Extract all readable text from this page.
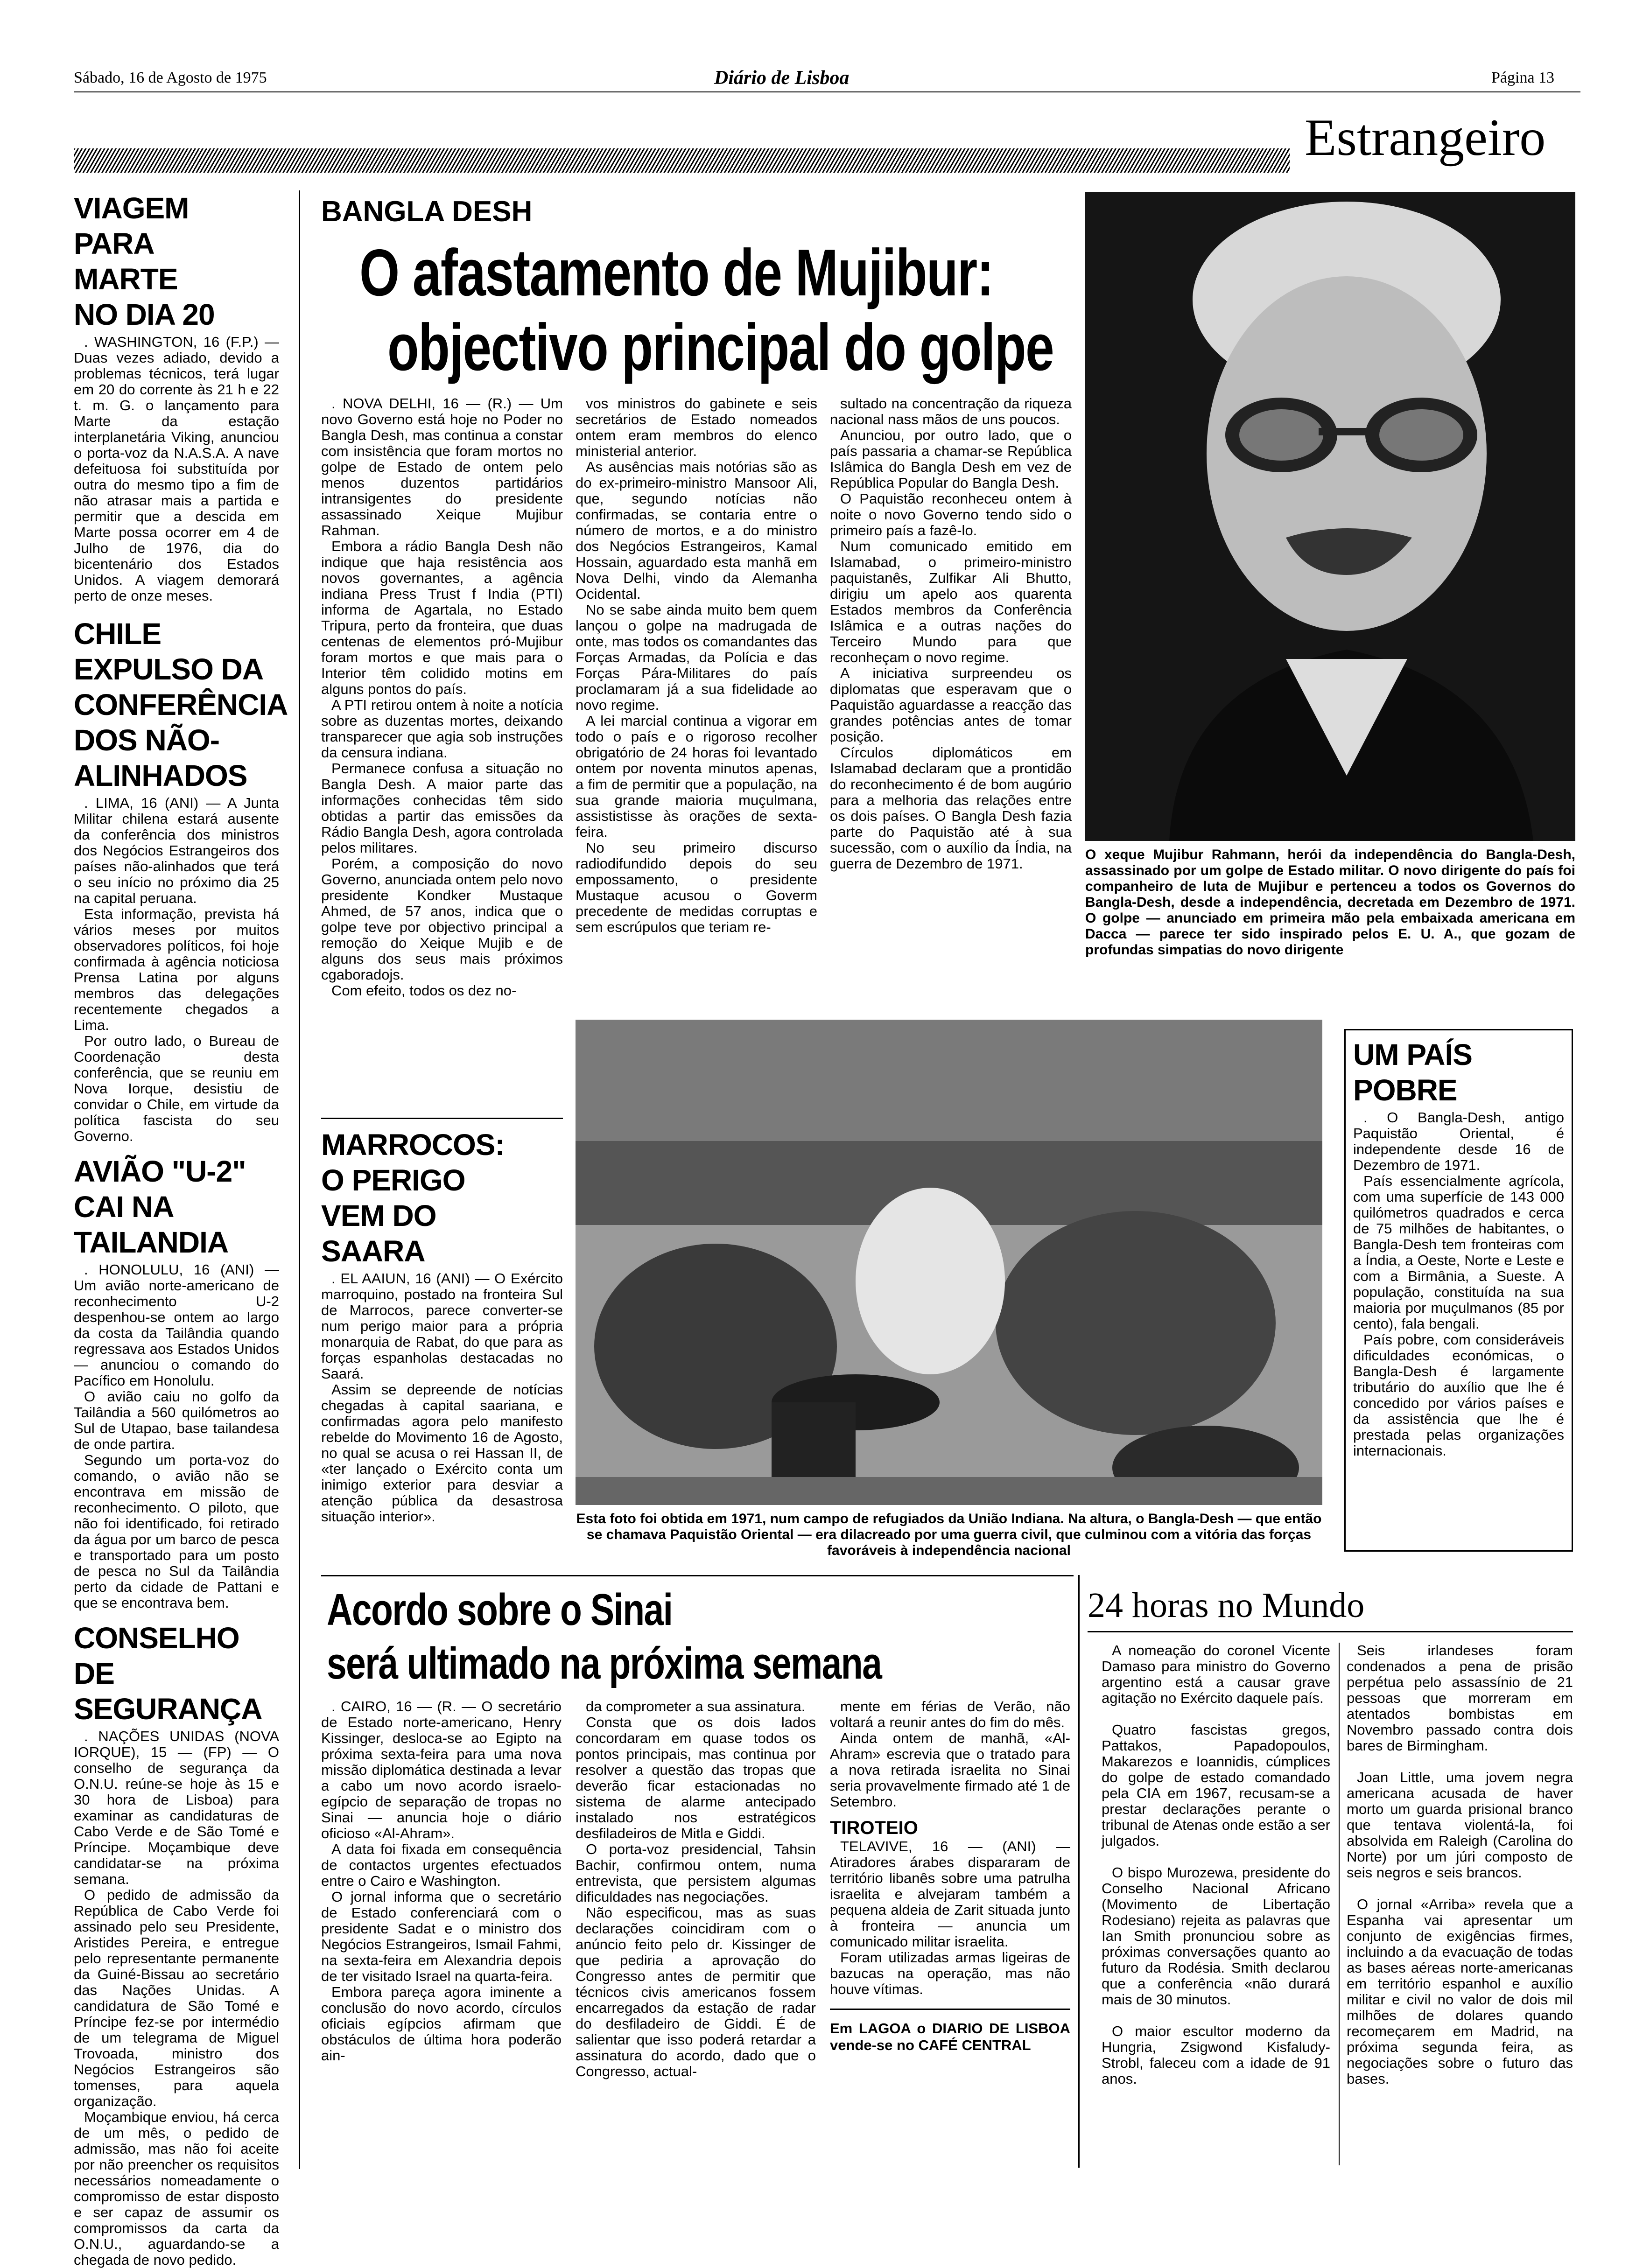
Sábado, 16 de Agosto de 1975	Diário de Lisboa	Página 13
Estrangeiro
VIAGEM PARA MARTE NO DIA 20

. WASHINGTON, 16 (F.P.) — Duas vezes adiado, devido a problemas técnicos, terá lugar em 20 do corrente às 21 h e 22 t. m. G. o lançamento para Marte da estação interplanetária Viking, anunciou o porta-voz da N.A.S.A. A nave defeituosa foi substituída por outra do mesmo tipo a fim de não atrasar mais a partida e permitir que a descida em Marte possa ocorrer em 4 de Julho de 1976, dia do bicentenário dos Estados Unidos. A viagem demorará perto de onze meses.

CHILE EXPULSO DA CONFERÊNCIA DOS NÃO-ALINHADOS

. LIMA, 16 (ANI) — A Junta Militar chilena estará ausente da conferência dos ministros dos Negócios Estrangeiros dos países não-alinhados que terá o seu início no próximo dia 25 na capital peruana.

Esta informação, prevista há vários meses por muitos observadores políticos, foi hoje confirmada à agência noticiosa Prensa Latina por alguns membros das delegações recentemente chegados a Lima.

Por outro lado, o Bureau de Coordenação desta conferência, que se reuniu em Nova Iorque, desistiu de convidar o Chile, em virtude da política fascista do seu Governo.

AVIÃO "U-2" CAI NA TAILANDIA

. HONOLULU, 16 (ANI) — Um avião norte-americano de reconhecimento U-2 despenhou-se ontem ao largo da costa da Tailândia quando regressava aos Estados Unidos — anunciou o comando do Pacífico em Honolulu.

O avião caiu no golfo da Tailândia a 560 quilómetros ao Sul de Utapao, base tailandesa de onde partira.

Segundo um porta-voz do comando, o avião não se encontrava em missão de reconhecimento. O piloto, que não foi identificado, foi retirado da água por um barco de pesca e transportado para um posto de pesca no Sul da Tailândia perto da cidade de Pattani e que se encontrava bem.

CONSELHO DE SEGURANÇA

. NAÇÕES UNIDAS (NOVA IORQUE), 15 — (FP) — O conselho de segurança da O.N.U. reúne-se hoje às 15 e 30 hora de Lisboa) para examinar as candidaturas de Cabo Verde e de São Tomé e Príncipe. Moçambique deve candidatar-se na próxima semana.

O pedido de admissão da República de Cabo Verde foi assinado pelo seu Presidente, Aristides Pereira, e entregue pelo representante permanente da Guiné-Bissau ao secretário das Nações Unidas. A candidatura de São Tomé e Príncipe fez-se por intermédio de um telegrama de Miguel Trovoada, ministro dos Negócios Estrangeiros são tomenses, para aquela organização.

Moçambique enviou, há cerca de um mês, o pedido de admissão, mas não foi aceite por não preencher os requisitos necessários nomeadamente o compromisso de estar disposto e ser capaz de assumir os compromissos da carta da O.N.U., aguardando-se a chegada de novo pedido.

BANGLA DESH
O afastamento de Mujibur:
objectivo principal do golpe

. NOVA DELHI, 16 — (R.) — Um novo Governo está hoje no Poder no Bangla Desh, mas continua a constar com insistência que foram mortos no golpe de Estado de ontem pelo menos duzentos partidários intransigentes do presidente assassinado Xeique Mujibur Rahman.

Embora a rádio Bangla Desh não indique que haja resistência aos novos governantes, a agência indiana Press Trust f India (PTI) informa de Agartala, no Estado Tripura, perto da fronteira, que duas centenas de elementos pró-Mujibur foram mortos e que mais para o Interior têm colidido motins em alguns pontos do país.

A PTI retirou ontem à noite a notícia sobre as duzentas mortes, deixando transparecer que agia sob instruções da censura indiana.

Permanece confusa a situação no Bangla Desh. A maior parte das informações conhecidas têm sido obtidas a partir das emissões da Rádio Bangla Desh, agora controlada pelos militares.

Porém, a composição do novo Governo, anunciada ontem pelo novo presidente Kondker Mustaque Ahmed, de 57 anos, indica que o golpe teve por objectivo principal a remoção do Xeique Mujib e de alguns dos seus mais próximos cgaboradojs.

Com efeito, todos os dez no-

vos ministros do gabinete e seis secretários de Estado nomeados ontem eram membros do elenco ministerial anterior.

As ausências mais notórias são as do ex-primeiro-ministro Mansoor Ali, que, segundo notícias não confirmadas, se contaria entre o número de mortos, e a do ministro dos Negócios Estrangeiros, Kamal Hossain, aguardado esta manhã em Nova Delhi, vindo da Alemanha Ocidental.

No se sabe ainda muito bem quem lançou o golpe na madrugada de onte, mas todos os comandantes das Forças Armadas, da Polícia e das Forças Pára-Militares do país proclamaram já a sua fidelidade ao novo regime.

A lei marcial continua a vigorar em todo o país e o rigoroso recolher obrigatório de 24 horas foi levantado ontem por noventa minutos apenas, a fim de permitir que a população, na sua grande maioria muçulmana, assististisse às orações de sexta-feira.

No seu primeiro discurso radiodifundido depois do seu empossamento, o presidente Mustaque acusou o Goverm precedente de medidas corruptas e sem escrúpulos que teriam re-

sultado na concentração da riqueza nacional nass mãos de uns poucos.

Anunciou, por outro lado, que o país passaria a chamar-se República Islâmica do Bangla Desh em vez de República Popular do Bangla Desh.

O Paquistão reconheceu ontem à noite o novo Governo tendo sido o primeiro país a fazê-lo.

Num comunicado emitido em Islamabad, o primeiro-ministro paquistanês, Zulfikar Ali Bhutto, dirigiu um apelo aos quarenta Estados membros da Conferência Islâmica e a outras nações do Terceiro Mundo para que reconheçam o novo regime.

A iniciativa surpreendeu os diplomatas que esperavam que o Paquistão aguardasse a reacção das grandes potências antes de tomar posição.

Círculos diplomáticos em Islamabad declaram que a prontidão do reconhecimento é de bom augúrio para a melhoria das relações entre os dois países. O Bangla Desh fazia parte do Paquistão até à sua sucessão, com o auxílio da Índia, na guerra de Dezembro de 1971.

O xeque Mujibur Rahmann, herói da independência do Bangla-Desh, assassinado por um golpe de Estado militar. O novo dirigente do país foi companheiro de luta de Mujibur e pertenceu a todos os Governos do Bangla-Desh, desde a independência, decretada em Dezembro de 1971. O golpe — anunciado em primeira mão pela embaixada americana em Dacca — parece ter sido inspirado pelos E. U. A., que gozam de profundas simpatias do novo dirigente
MARROCOS: O PERIGO VEM DO SAARA

. EL AAIUN, 16 (ANI) — O Exército marroquino, postado na fronteira Sul de Marrocos, parece converter-se num perigo maior para a própria monarquia de Rabat, do que para as forças espanholas destacadas no Saará.

Assim se depreende de notícias chegadas à capital saariana, e confirmadas agora pelo manifesto rebelde do Movimento 16 de Agosto, no qual se acusa o rei Hassan II, de «ter lançado o Exército conta um inimigo exterior para desviar a atenção pública da desastrosa situação interior».	Esta foto foi obtida em 1971, num campo de refugiados da União Indiana. Na altura, o Bangla-Desh — que então se chamava Paquistão Oriental — era dilacreado por uma guerra civil, que culminou com a vitória das forças favoráveis à independência nacional
UM PAÍS POBRE

. O Bangla-Desh, antigo Paquistão Oriental, é independente desde 16 de Dezembro de 1971.

País essencialmente agrícola, com uma superfície de 143 000 quilómetros quadrados e cerca de 75 milhões de habitantes, o Bangla-Desh tem fronteiras com a Índia, a Oeste, Norte e Leste e com a Birmânia, a Sueste. A população, constituída na sua maioria por muçulmanos (85 por cento), fala bengali.

País pobre, com consideráveis dificuldades económicas, o Bangla-Desh é largamente tributário do auxílio que lhe é concedido por vários países e da assistência que lhe é prestada pelas organizações internacionais.

Acordo sobre o Sinai
será ultimado na próxima semana

. CAIRO, 16 — (R. — O secretário de Estado norte-americano, Henry Kissinger, desloca-se ao Egipto na próxima sexta-feira para uma nova missão diplomática destinada a levar a cabo um novo acordo israelo-egípcio de separação de tropas no Sinai — anuncia hoje o diário oficioso «Al-Ahram».

A data foi fixada em consequência de contactos urgentes efectuados entre o Cairo e Washington.

O jornal informa que o secretário de Estado conferenciará com o presidente Sadat e o ministro dos Negócios Estrangeiros, Ismail Fahmi, na sexta-feira em Alexandria depois de ter visitado Israel na quarta-feira.

Embora pareça agora iminente a conclusão do novo acordo, círculos oficiais egípcios afirmam que obstáculos de última hora poderão ain-

da comprometer a sua assinatura.

Consta que os dois lados concordaram em quase todos os pontos principais, mas continua por resolver a questão das tropas que deverão ficar estacionadas no sistema de alarme antecipado instalado nos estratégicos desfiladeiros de Mitla e Giddi.

O porta-voz presidencial, Tahsin Bachir, confirmou ontem, numa entrevista, que persistem algumas dificuldades nas negociações.

Não especificou, mas as suas declarações coincidiram com o anúncio feito pelo dr. Kissinger de que pediria a aprovação do Congresso antes de permitir que técnicos civis americanos fossem encarregados da estação de radar do desfiladeiro de Giddi. É de salientar que isso poderá retardar a assinatura do acordo, dado que o Congresso, actual-

mente em férias de Verão, não voltará a reunir antes do fim do mês.

Ainda ontem de manhã, «Al-Ahram» escrevia que o tratado para a nova retirada israelita no Sinai seria provavelmente firmado até 1 de Setembro.

TIROTEIO

TELAVIVE, 16 — (ANI) — Atiradores árabes dispararam de território libanês sobre uma patrulha israelita e alvejaram também a pequena aldeia de Zarit situada junto à fronteira — anuncia um comunicado militar israelita.

Foram utilizadas armas ligeiras de bazucas na operação, mas não houve vítimas.

Em LAGOA o DIARIO DE LISBOA vende-se no CAFÉ CENTRAL
24 horas no Mundo

A nomeação do coronel Vicente Damaso para ministro do Governo argentino está a causar grave agitação no Exército daquele país.

Quatro fascistas gregos, Pattakos, Papadopoulos, Makarezos e Ioannidis, cúmplices do golpe de estado comandado pela CIA em 1967, recusam-se a prestar declarações perante o tribunal de Atenas onde estão a ser julgados.

O bispo Murozewa, presidente do Conselho Nacional Africano (Movimento de Libertação Rodesiano) rejeita as palavras que Ian Smith pronunciou sobre as próximas conversações quanto ao futuro da Rodésia. Smith declarou que a conferência «não durará mais de 30 minutos.

O maior escultor moderno da Hungria, Zsigwond Kisfaludy-Strobl, faleceu com a idade de 91 anos.

Seis irlandeses foram condenados a pena de prisão perpétua pelo assassínio de 21 pessoas que morreram em atentados bombistas em Novembro passado contra dois bares de Birmingham.

Joan Little, uma jovem negra americana acusada de haver morto um guarda prisional branco que tentava violentá-la, foi absolvida em Raleigh (Carolina do Norte) por um júri composto de seis negros e seis brancos.

O jornal «Arriba» revela que a Espanha vai apresentar um conjunto de exigências firmes, incluindo a da evacuação de todas as bases aéreas norte-americanas em território espanhol e auxílio militar e civil no valor de dois mil milhões de dolares quando recomeçarem em Madrid, na próxima segunda feira, as negociações sobre o futuro das bases.
